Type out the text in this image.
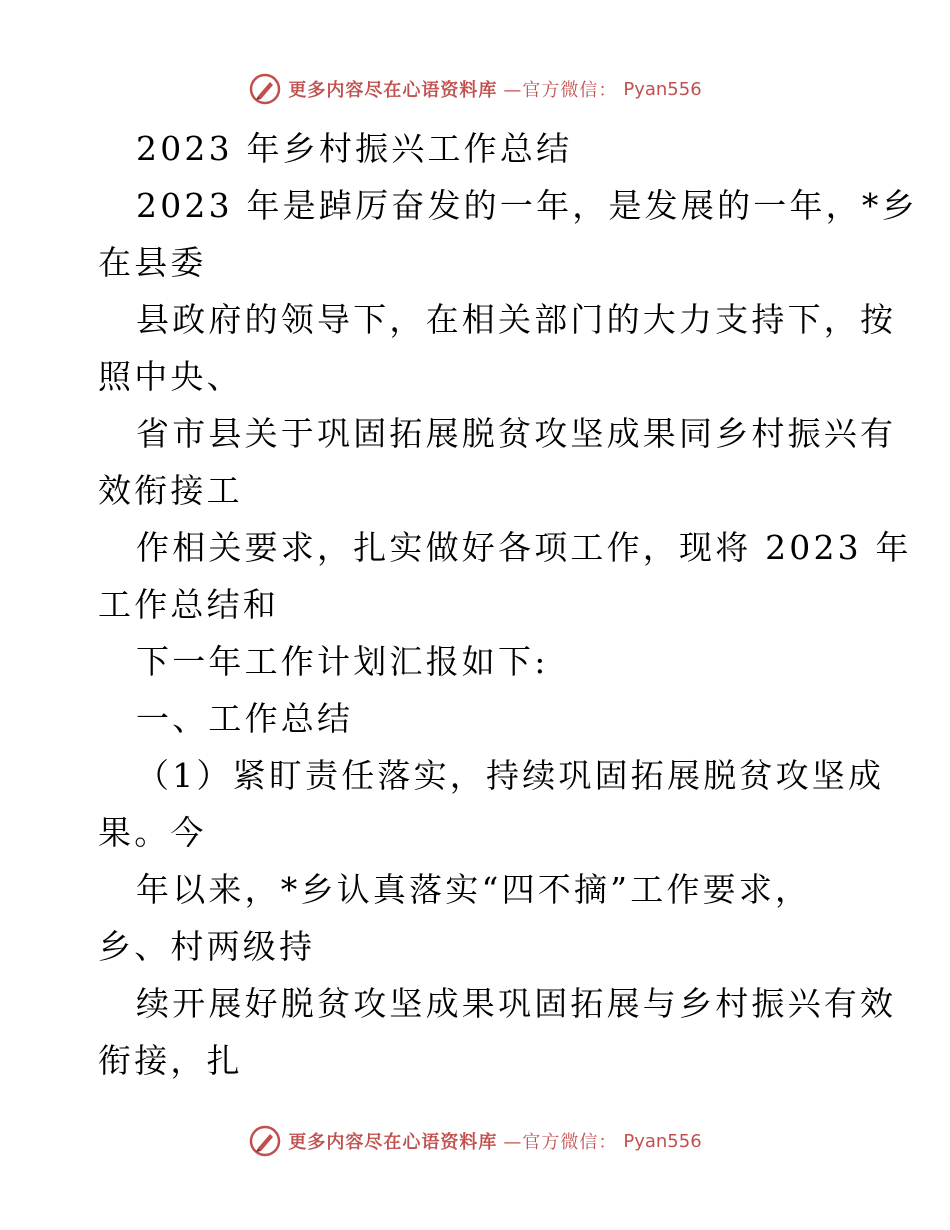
更多内容尽在心语资料库 —官方微信： Pyan556
2023 年乡村振兴工作总结
2023 年是踔厉奋发的一年，是发展的一年，*乡
在县委
县政府的领导下，在相关部门的大力支持下，按
照中央、
省市县关于巩固拓展脱贫攻坚成果同乡村振兴有
效衔接工
作相关要求，扎实做好各项工作，现将 2023 年
工作总结和
下一年工作计划汇报如下:
一、工作总结
（1）紧盯责任落实，持续巩固拓展脱贫攻坚成
果。今
年以来，*乡认真落实“四不摘”工作要求，
乡、村两级持
续开展好脱贫攻坚成果巩固拓展与乡村振兴有效
衔接，扎
更多内容尽在心语资料库 —官方微信： Pyan556
